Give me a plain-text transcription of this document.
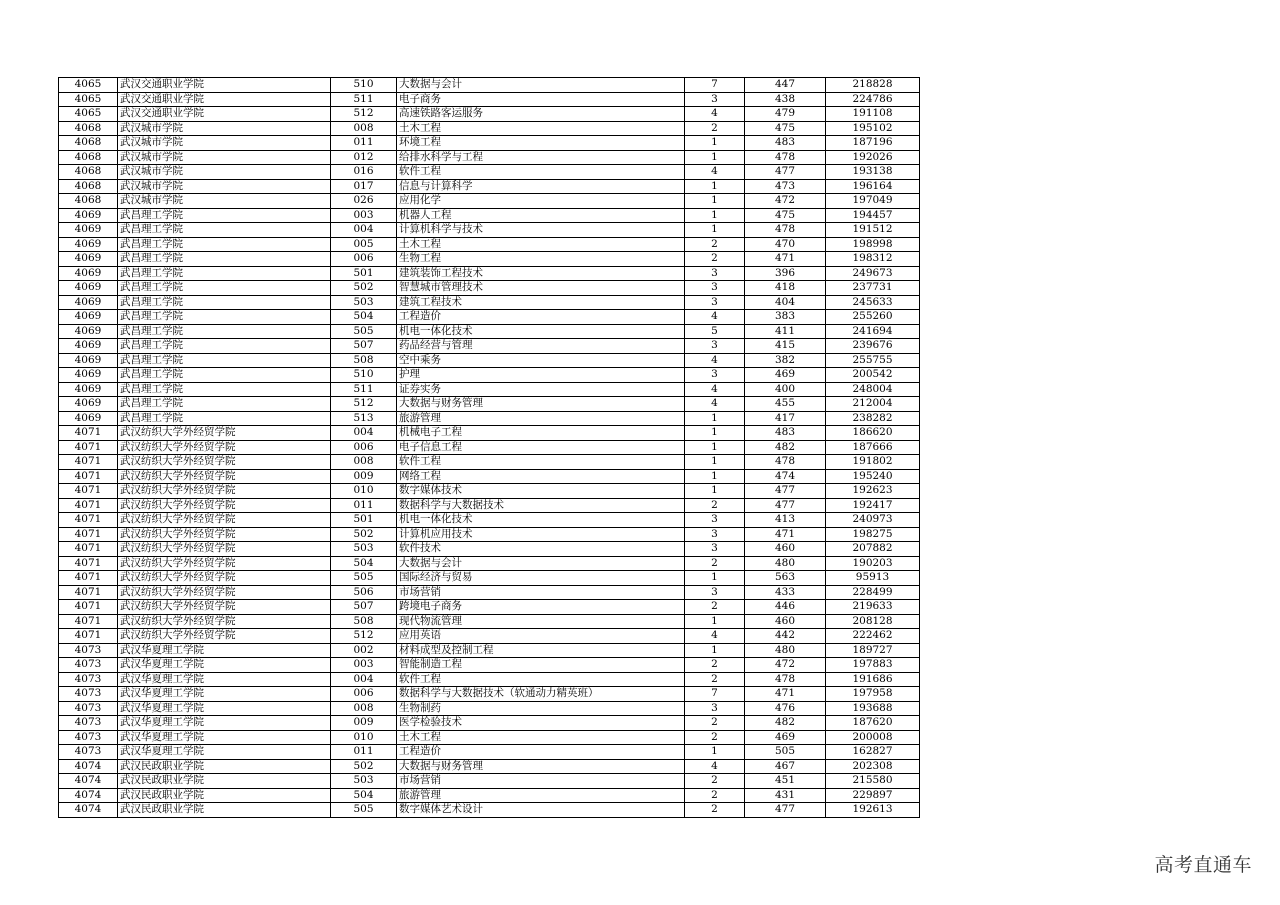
4065	武汉交通职业学院	510	大数据与会计	7	447	218828
4065	武汉交通职业学院	511	电子商务	3	438	224786
4065	武汉交通职业学院	512	高速铁路客运服务	4	479	191108
4068	武汉城市学院	008	土木工程	2	475	195102
4068	武汉城市学院	011	环境工程	1	483	187196
4068	武汉城市学院	012	给排水科学与工程	1	478	192026
4068	武汉城市学院	016	软件工程	4	477	193138
4068	武汉城市学院	017	信息与计算科学	1	473	196164
4068	武汉城市学院	026	应用化学	1	472	197049
4069	武昌理工学院	003	机器人工程	1	475	194457
4069	武昌理工学院	004	计算机科学与技术	1	478	191512
4069	武昌理工学院	005	土木工程	2	470	198998
4069	武昌理工学院	006	生物工程	2	471	198312
4069	武昌理工学院	501	建筑装饰工程技术	3	396	249673
4069	武昌理工学院	502	智慧城市管理技术	3	418	237731
4069	武昌理工学院	503	建筑工程技术	3	404	245633
4069	武昌理工学院	504	工程造价	4	383	255260
4069	武昌理工学院	505	机电一体化技术	5	411	241694
4069	武昌理工学院	507	药品经营与管理	3	415	239676
4069	武昌理工学院	508	空中乘务	4	382	255755
4069	武昌理工学院	510	护理	3	469	200542
4069	武昌理工学院	511	证券实务	4	400	248004
4069	武昌理工学院	512	大数据与财务管理	4	455	212004
4069	武昌理工学院	513	旅游管理	1	417	238282
4071	武汉纺织大学外经贸学院	004	机械电子工程	1	483	186620
4071	武汉纺织大学外经贸学院	006	电子信息工程	1	482	187666
4071	武汉纺织大学外经贸学院	008	软件工程	1	478	191802
4071	武汉纺织大学外经贸学院	009	网络工程	1	474	195240
4071	武汉纺织大学外经贸学院	010	数字媒体技术	1	477	192623
4071	武汉纺织大学外经贸学院	011	数据科学与大数据技术	2	477	192417
4071	武汉纺织大学外经贸学院	501	机电一体化技术	3	413	240973
4071	武汉纺织大学外经贸学院	502	计算机应用技术	3	471	198275
4071	武汉纺织大学外经贸学院	503	软件技术	3	460	207882
4071	武汉纺织大学外经贸学院	504	大数据与会计	2	480	190203
4071	武汉纺织大学外经贸学院	505	国际经济与贸易	1	563	95913
4071	武汉纺织大学外经贸学院	506	市场营销	3	433	228499
4071	武汉纺织大学外经贸学院	507	跨境电子商务	2	446	219633
4071	武汉纺织大学外经贸学院	508	现代物流管理	1	460	208128
4071	武汉纺织大学外经贸学院	512	应用英语	4	442	222462
4073	武汉华夏理工学院	002	材料成型及控制工程	1	480	189727
4073	武汉华夏理工学院	003	智能制造工程	2	472	197883
4073	武汉华夏理工学院	004	软件工程	2	478	191686
4073	武汉华夏理工学院	006	数据科学与大数据技术（软通动力精英班）	7	471	197958
4073	武汉华夏理工学院	008	生物制药	3	476	193688
4073	武汉华夏理工学院	009	医学检验技术	2	482	187620
4073	武汉华夏理工学院	010	土木工程	2	469	200008
4073	武汉华夏理工学院	011	工程造价	1	505	162827
4074	武汉民政职业学院	502	大数据与财务管理	4	467	202308
4074	武汉民政职业学院	503	市场营销	2	451	215580
4074	武汉民政职业学院	504	旅游管理	2	431	229897
4074	武汉民政职业学院	505	数字媒体艺术设计	2	477	192613
高考直通车
